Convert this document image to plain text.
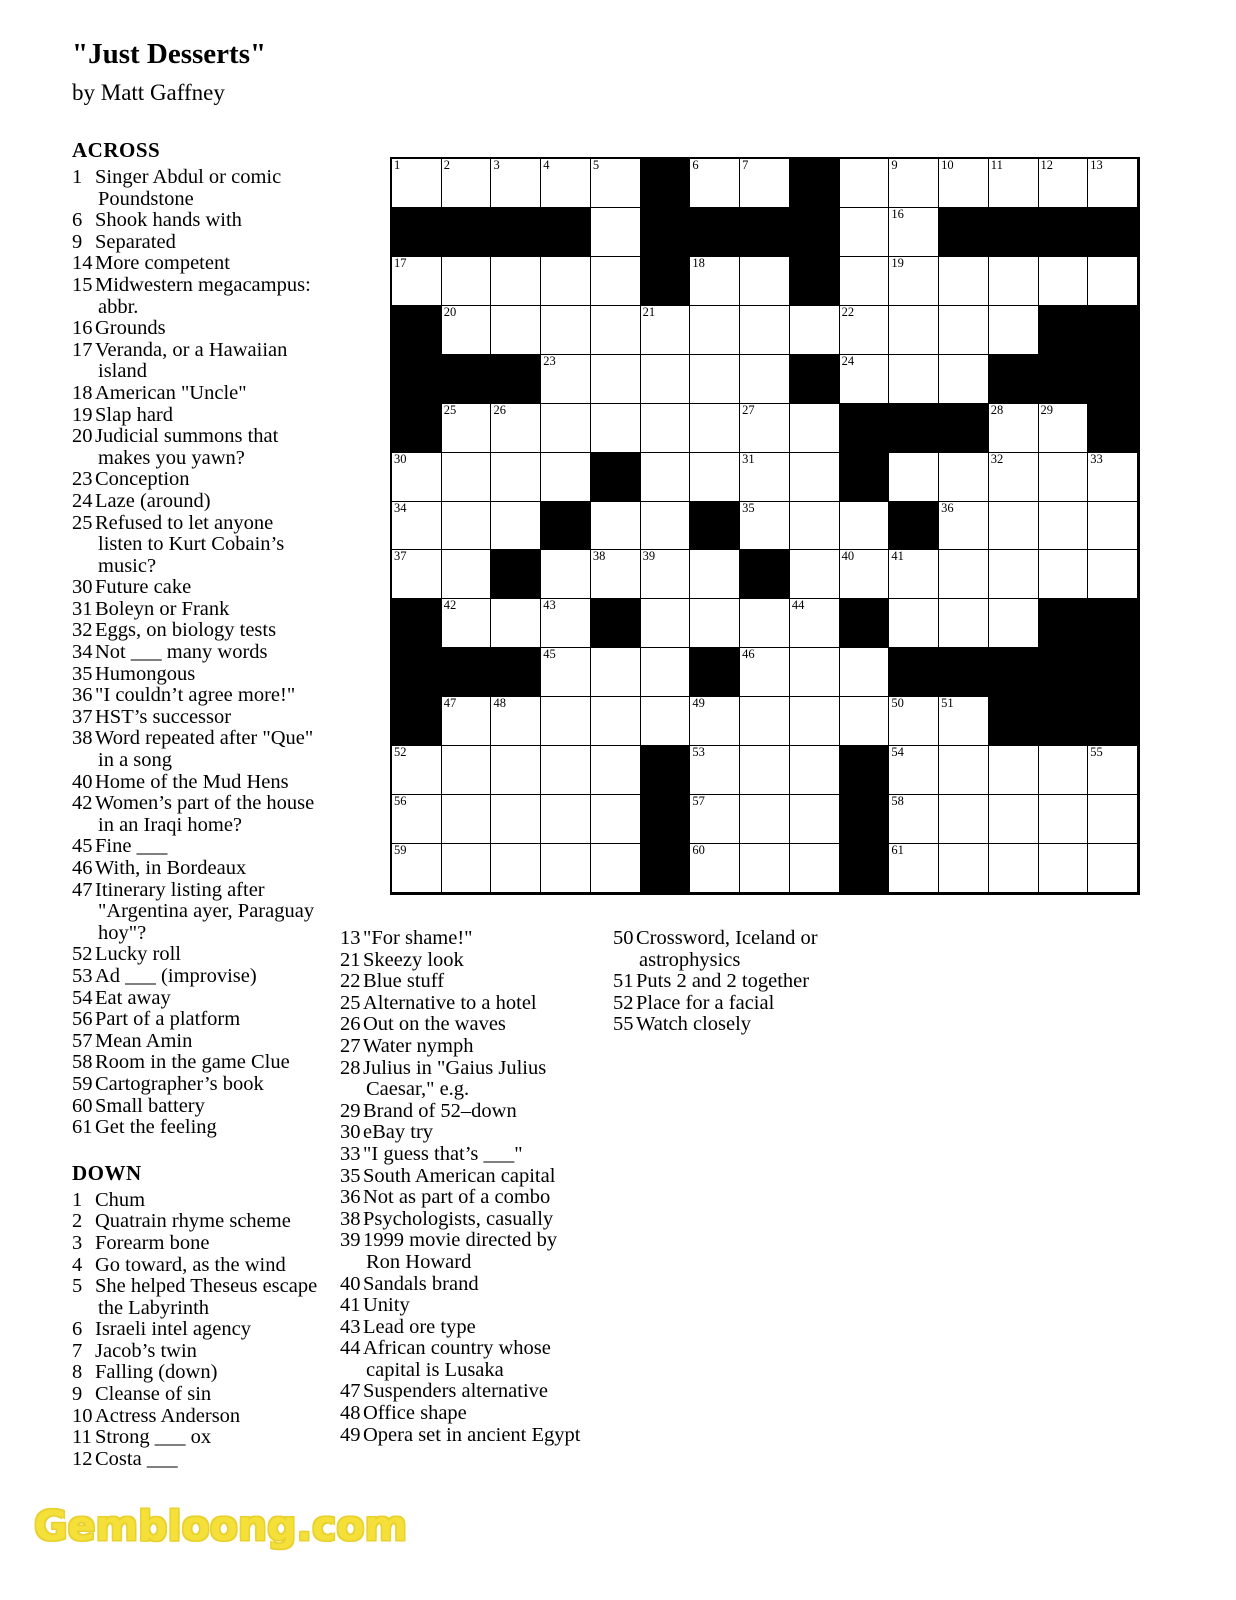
"Just Desserts"
by Matt Gaffney
ACROSS
1 Singer Abdul or comic Poundstone
6 Shook hands with
9 Separated
14 More competent
15 Midwestern megacampus: abbr.
16 Grounds
17 Veranda, or a Hawaiian island
18 American "Uncle"
19 Slap hard
20 Judicial summons that makes you yawn?
23 Conception
24 Laze (around)
25 Refused to let anyone listen to Kurt Cobain’s music?
30 Future cake
31 Boleyn or Frank
32 Eggs, on biology tests
34 Not ___ many words
35 Humongous
36 "I couldn’t agree more!"
37 HST’s successor
38 Word repeated after "Que" in a song
40 Home of the Mud Hens
42 Women’s part of the house in an Iraqi home?
45 Fine ___
46 With, in Bordeaux
47 Itinerary listing after "Argentina ayer, Paraguay hoy"?
52 Lucky roll
53 Ad ___ (improvise)
54 Eat away
56 Part of a platform
57 Mean Amin
58 Room in the game Clue
59 Cartographer’s book
60 Small battery
61 Get the feeling
DOWN
1 Chum
2 Quatrain rhyme scheme
3 Forearm bone
4 Go toward, as the wind
5 She helped Theseus escape the Labyrinth
6 Israeli intel agency
7 Jacob’s twin
8 Falling (down)
9 Cleanse of sin
10 Actress Anderson
11 Strong ___ ox
12 Costa ___
13 "For shame!"
21 Skeezy look
22 Blue stuff
25 Alternative to a hotel
26 Out on the waves
27 Water nymph
28 Julius in "Gaius Julius Caesar," e.g.
29 Brand of 52–down
30 eBay try
33 "I guess that’s ___"
35 South American capital
36 Not as part of a combo
38 Psychologists, casually
39 1999 movie directed by Ron Howard
40 Sandals brand
41 Unity
43 Lead ore type
44 African country whose capital is Lusaka
47 Suspenders alternative
48 Office shape
49 Opera set in ancient Egypt
50 Crossword, Iceland or astrophysics
51 Puts 2 and 2 together
52 Place for a facial
55 Watch closely
1	2	3	4	5	6	7	9	10	11	12	13
16
17	18	19
20	21	22
23	24
25	26	27	28	29
30	31	32	33
34	35	36
37	38	39	40	41
42	43	44
45	46
47	48	49	50	51
52	53	54	55
56	57	58
59	60	61
Gembloong.com
